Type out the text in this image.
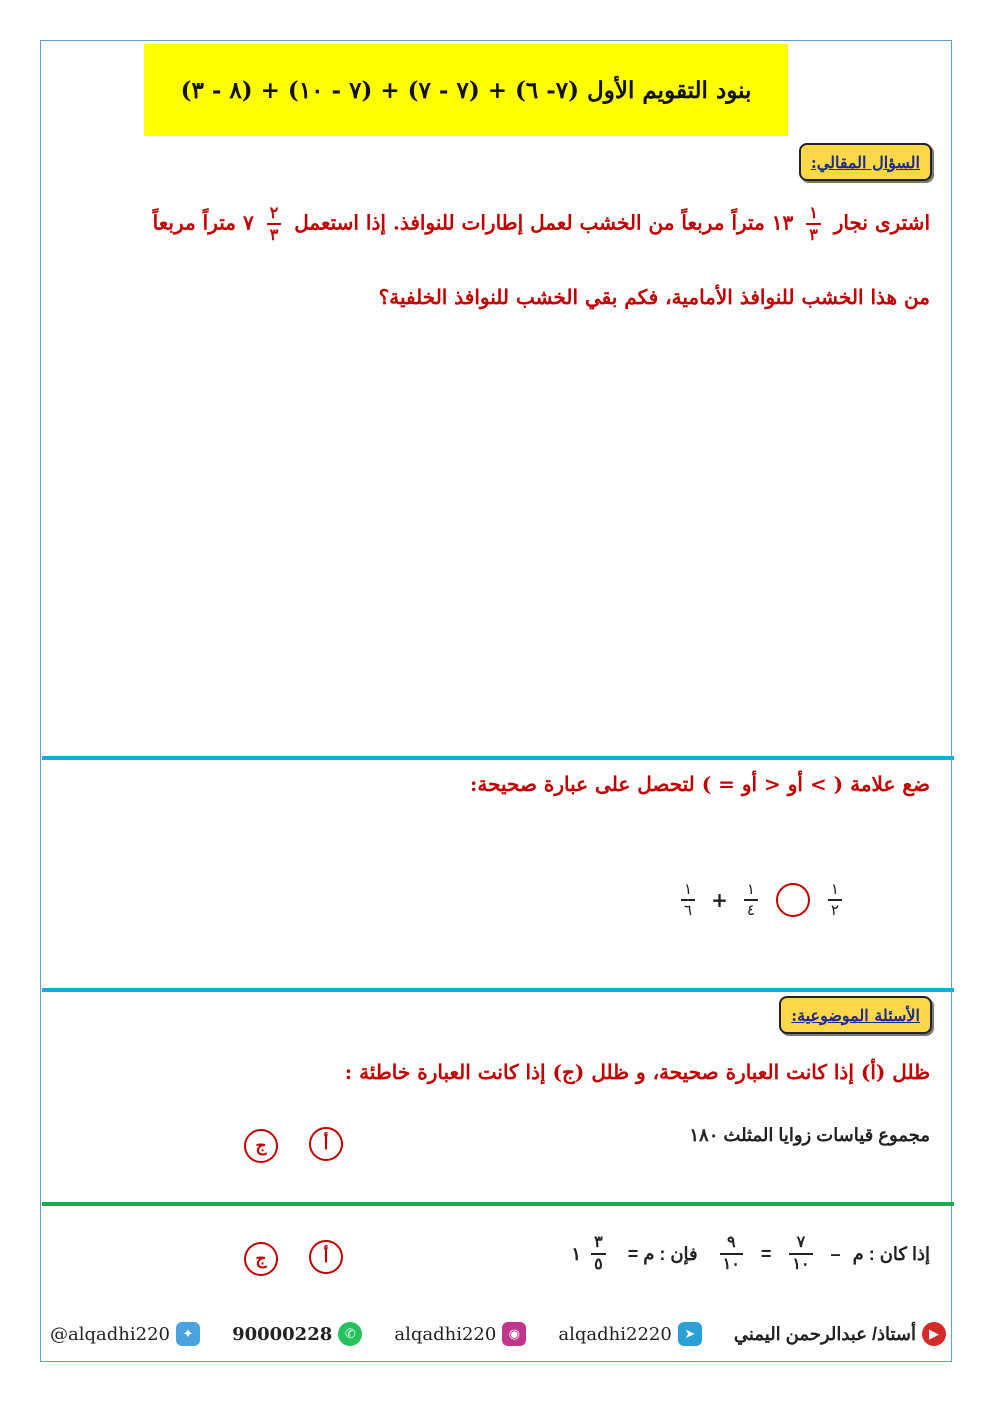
بنود التقويم الأول (٧- ٦) + (٧ - ٧) + (٧ - ١٠) + (٨ - ٣)
السؤال المقالي:
اشترى نجار
$\frac{١}{٣}$
١٣ متراً مربعاً من الخشب لعمل إطارات للنوافذ. إذا استعمل
$\frac{٢}{٣}$
٧ متراً مربعاً
من هذا الخشب للنوافذ الأمامية، فكم بقي الخشب للنوافذ الخلفية؟
ضع علامة ( > أو < أو = ) لتحصل على عبارة صحيحة:
$\frac{١}{٦} + \frac{١}{٤}$	$\frac{١}{٢}$
الأسئلة الموضوعية:
ظلل (أ) إذا كانت العبارة صحيحة، و ظلل (ج) إذا كانت العبارة خاطئة :
مجموع قياسات زوايا المثلث ١٨٠
أ
ج
إذا كان : م
–
$\frac{٧}{١٠}$
=
$\frac{٩}{١٠}$
فإن : م =
$\frac{٣}{٥}$
١
أ
ج
@alqadhi220 ✦	90000228 ✆	alqadhi220 ◉	alqadhi2220 ➤	أستاذ/ عبدالرحمن اليمني	▶
